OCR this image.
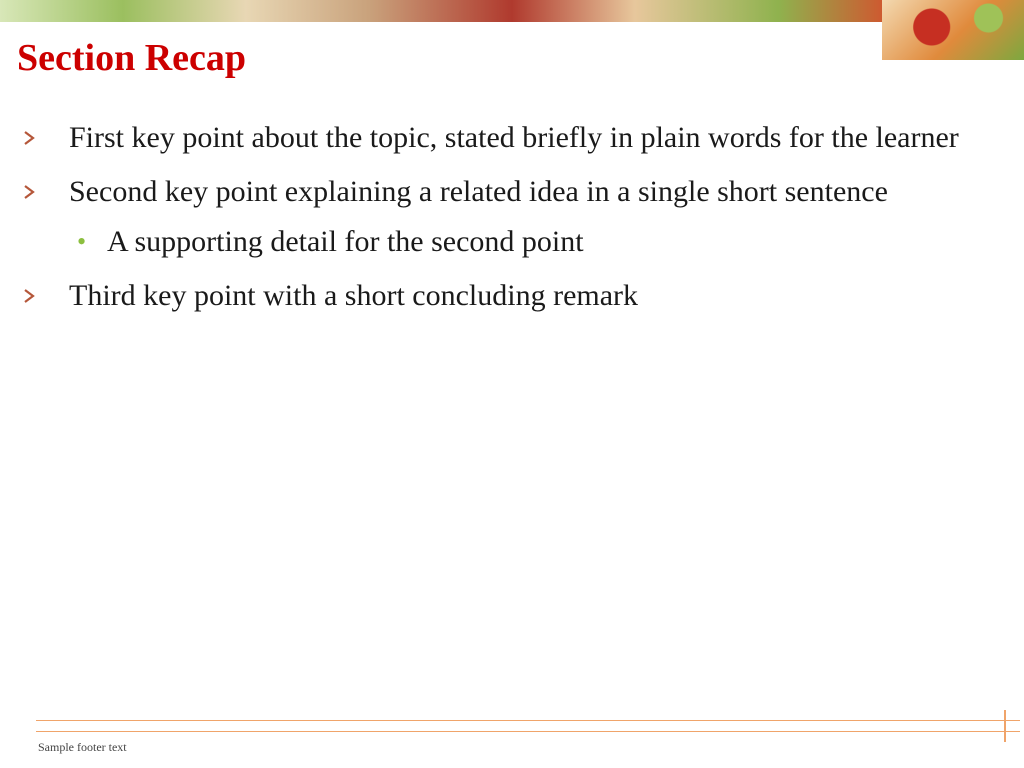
Section Recap
First key point about the topic, stated briefly in plain words for the learner
Second key point explaining a related idea in a single short sentence
• A supporting detail for the second point
Third key point with a short concluding remark
Sample footer text
